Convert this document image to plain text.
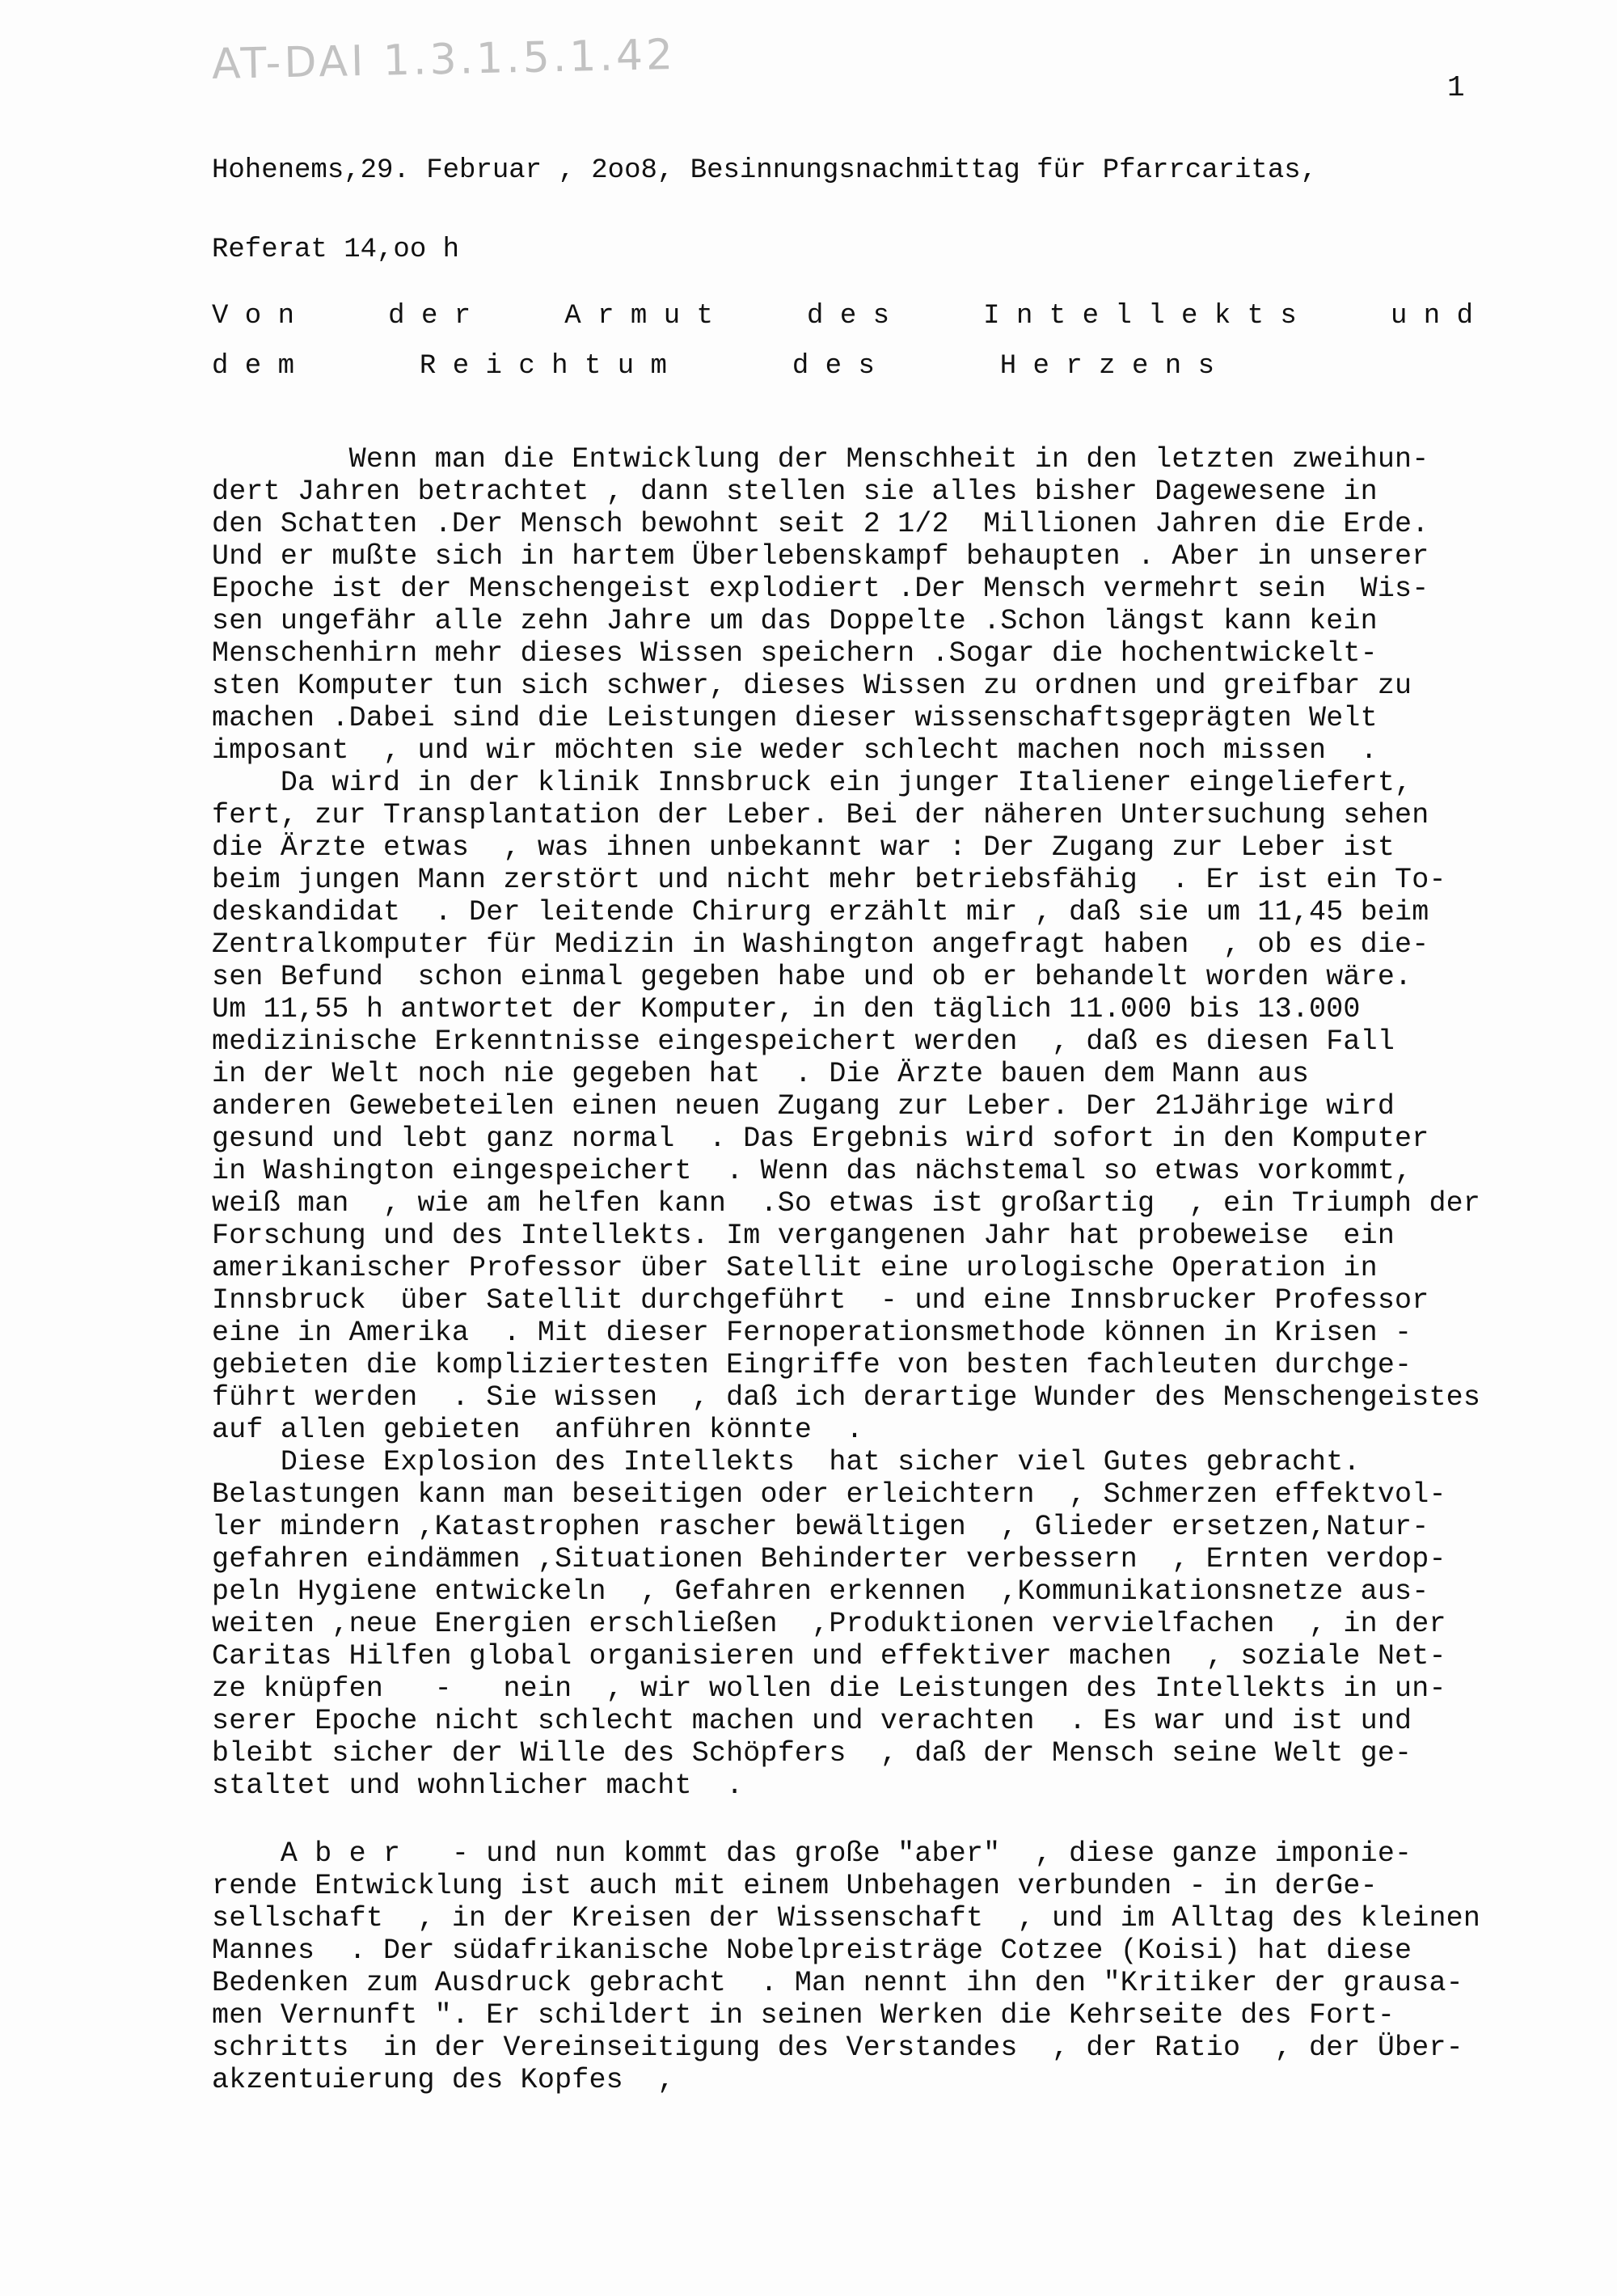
AT-DAI 1.3.1.5.1.42	1
Hohenems,29. Februar , 2oo8, Besinnungsnachmittag für Pfarrcaritas,
Referat 14,oo h
V o n	d e r	A r m u t	d e s	I n t e l l e k t s	u n d
d e m	R e i c h t u m	d e s	H e r z e n s
Wenn man die Entwicklung der Menschheit in den letzten zweihun-
dert Jahren betrachtet , dann stellen sie alles bisher Dagewesene in
den Schatten .Der Mensch bewohnt seit 2 1/2  Millionen Jahren die Erde.
Und er mußte sich in hartem Überlebenskampf behaupten . Aber in unserer
Epoche ist der Menschengeist explodiert .Der Mensch vermehrt sein  Wis-
sen ungefähr alle zehn Jahre um das Doppelte .Schon längst kann kein
Menschenhirn mehr dieses Wissen speichern .Sogar die hochentwickelt-
sten Komputer tun sich schwer, dieses Wissen zu ordnen und greifbar zu
machen .Dabei sind die Leistungen dieser wissenschaftsgeprägten Welt
imposant  , und wir möchten sie weder schlecht machen noch missen  .
Da wird in der klinik Innsbruck ein junger Italiener eingeliefert,
fert, zur Transplantation der Leber. Bei der näheren Untersuchung sehen
die Ärzte etwas  , was ihnen unbekannt war : Der Zugang zur Leber ist
beim jungen Mann zerstört und nicht mehr betriebsfähig  . Er ist ein To-
deskandidat  . Der leitende Chirurg erzählt mir , daß sie um 11,45 beim
Zentralkomputer für Medizin in Washington angefragt haben  , ob es die-
sen Befund  schon einmal gegeben habe und ob er behandelt worden wäre.
Um 11,55 h antwortet der Komputer, in den täglich 11.000 bis 13.000
medizinische Erkenntnisse eingespeichert werden  , daß es diesen Fall
in der Welt noch nie gegeben hat  . Die Ärzte bauen dem Mann aus
anderen Gewebeteilen einen neuen Zugang zur Leber. Der 21Jährige wird
gesund und lebt ganz normal  . Das Ergebnis wird sofort in den Komputer
in Washington eingespeichert  . Wenn das nächstemal so etwas vorkommt,
weiß man  , wie am helfen kann  .So etwas ist großartig  , ein Triumph der
Forschung und des Intellekts. Im vergangenen Jahr hat probeweise  ein
amerikanischer Professor über Satellit eine urologische Operation in
Innsbruck  über Satellit durchgeführt  - und eine Innsbrucker Professor
eine in Amerika  . Mit dieser Fernoperationsmethode können in Krisen -
gebieten die kompliziertesten Eingriffe von besten fachleuten durchge-
führt werden  . Sie wissen  , daß ich derartige Wunder des Menschengeistes
auf allen gebieten  anführen könnte  .
Diese Explosion des Intellekts  hat sicher viel Gutes gebracht.
Belastungen kann man beseitigen oder erleichtern  , Schmerzen effektvol-
ler mindern ,Katastrophen rascher bewältigen  , Glieder ersetzen,Natur-
gefahren eindämmen ,Situationen Behinderter verbessern  , Ernten verdop-
peln Hygiene entwickeln  , Gefahren erkennen  ,Kommunikationsnetze aus-
weiten ,neue Energien erschließen  ,Produktionen vervielfachen  , in der
Caritas Hilfen global organisieren und effektiver machen  , soziale Net-
ze knüpfen   -   nein  , wir wollen die Leistungen des Intellekts in un-
serer Epoche nicht schlecht machen und verachten  . Es war und ist und
bleibt sicher der Wille des Schöpfers  , daß der Mensch seine Welt ge-
staltet und wohnlicher macht  .
A b e r   - und nun kommt das große "aber"  , diese ganze imponie-
rende Entwicklung ist auch mit einem Unbehagen verbunden - in derGe-
sellschaft  , in der Kreisen der Wissenschaft  , und im Alltag des kleinen
Mannes  . Der südafrikanische Nobelpreisträge Cotzee (Koisi) hat diese
Bedenken zum Ausdruck gebracht  . Man nennt ihn den "Kritiker der grausa-
men Vernunft ". Er schildert in seinen Werken die Kehrseite des Fort-
schritts  in der Vereinseitigung des Verstandes  , der Ratio  , der Über-
akzentuierung des Kopfes  ,
